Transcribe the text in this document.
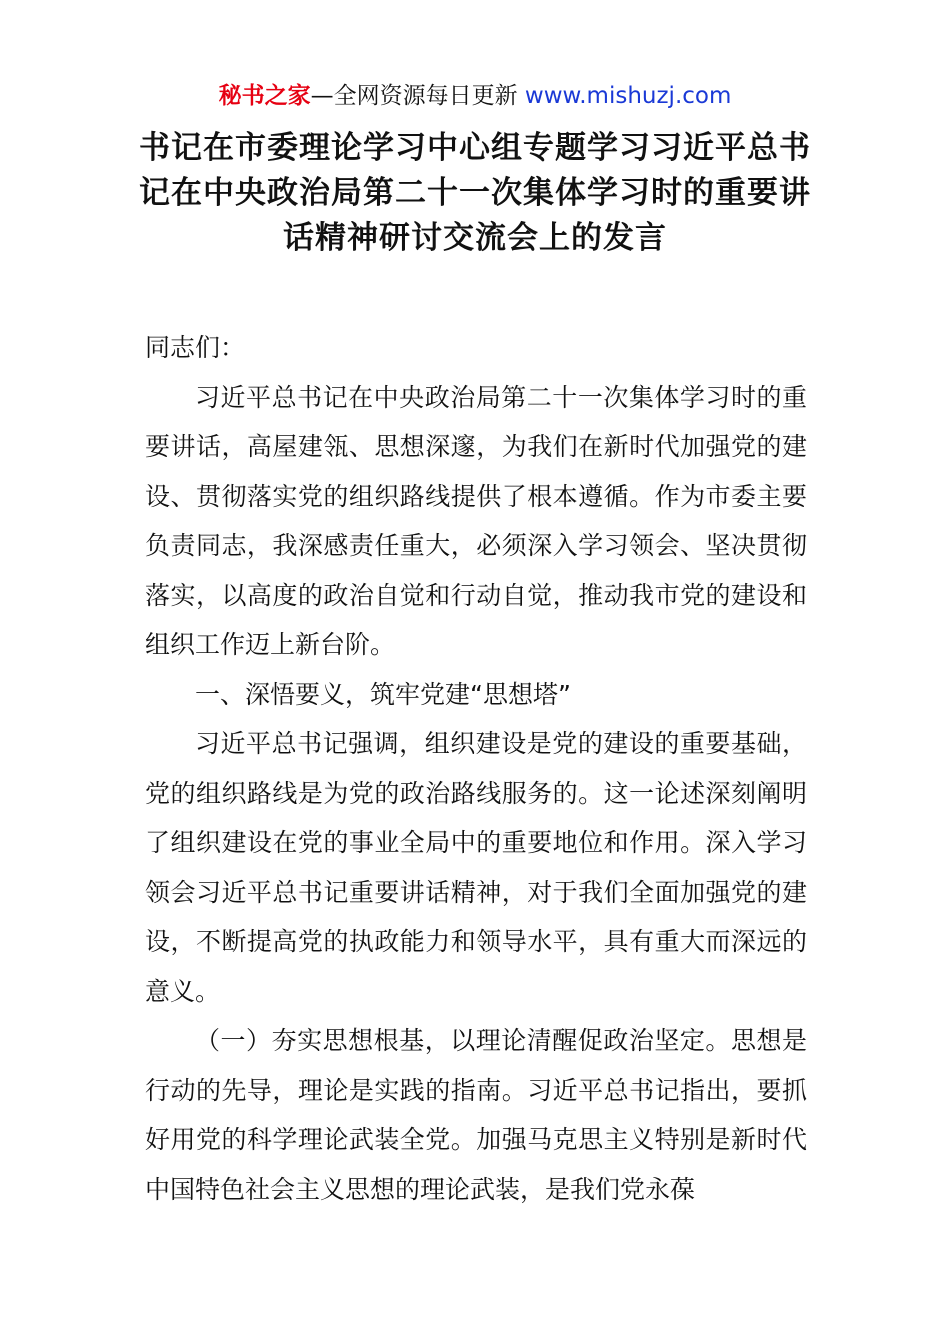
秘书之家—全网资源每日更新 www.mishuzj.com
书记在市委理论学习中心组专题学习习近平总书记在中央政治局第二十一次集体学习时的重要讲话精神研讨交流会上的发言

同志们：

习近平总书记在中央政治局第二十一次集体学习时的重要讲话，高屋建瓴、思想深邃，为我们在新时代加强党的建设、贯彻落实党的组织路线提供了根本遵循。作为市委主要负责同志，我深感责任重大，必须深入学习领会、坚决贯彻落实，以高度的政治自觉和行动自觉，推动我市党的建设和组织工作迈上新台阶。

一、深悟要义，筑牢党建“思想塔”

习近平总书记强调，组织建设是党的建设的重要基础，党的组织路线是为党的政治路线服务的。这一论述深刻阐明了组织建设在党的事业全局中的重要地位和作用。深入学习领会习近平总书记重要讲话精神，对于我们全面加强党的建设，不断提高党的执政能力和领导水平，具有重大而深远的意义。

（一）夯实思想根基，以理论清醒促政治坚定。思想是行动的先导，理论是实践的指南。习近平总书记指出，要抓好用党的科学理论武装全党。加强马克思主义特别是新时代中国特色社会主义思想的理论武装，是我们党永葆
